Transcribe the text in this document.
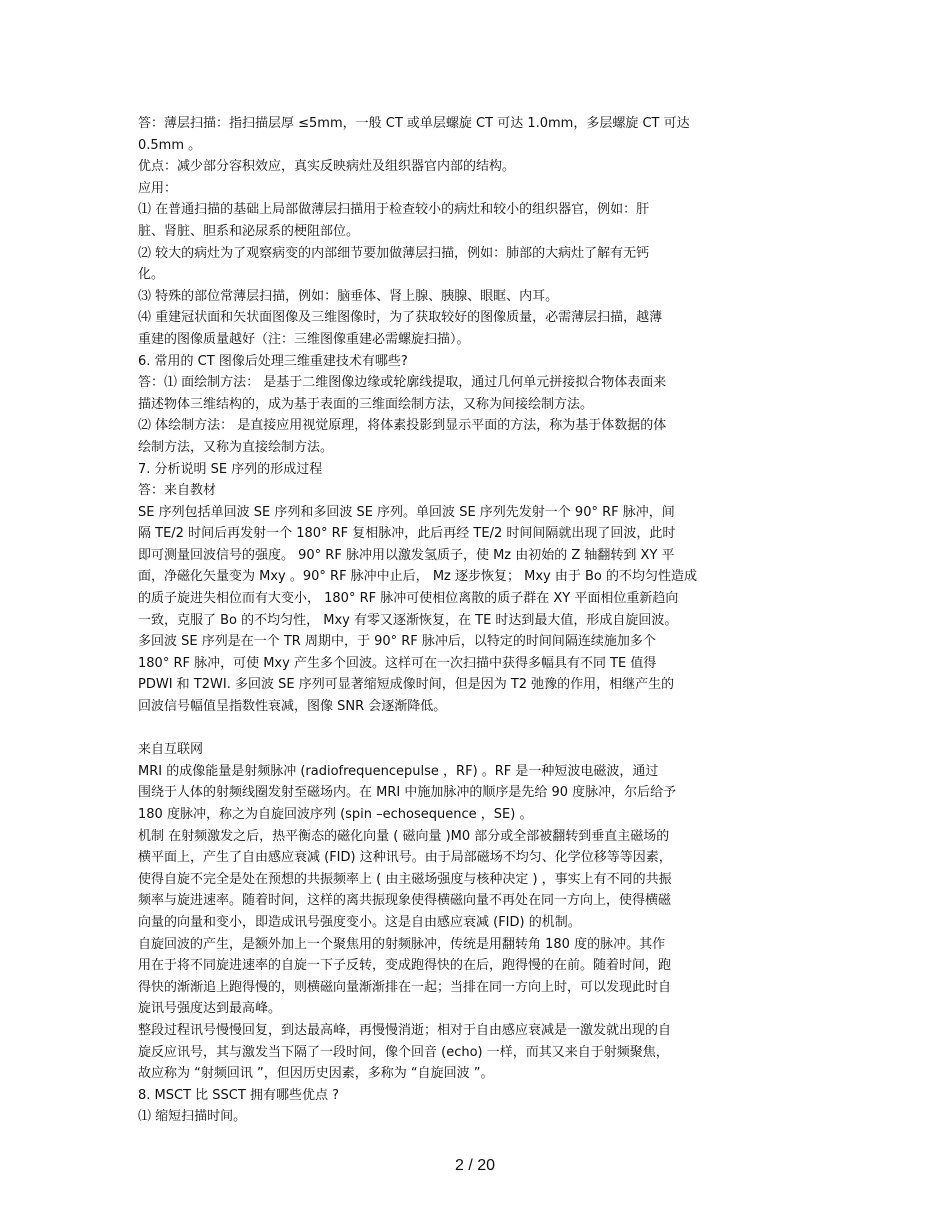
答：薄层扫描：指扫描层厚 ≤5mm，一般 CT 或单层螺旋 CT 可达 1.0mm，多层螺旋 CT 可达
0.5mm 。
优点：减少部分容积效应，真实反映病灶及组织器官内部的结构。
应用：
⑴ 在普通扫描的基础上局部做薄层扫描用于检查较小的病灶和较小的组织器官，例如：肝
脏、肾脏、胆系和泌尿系的梗阻部位。
⑵ 较大的病灶为了观察病变的内部细节要加做薄层扫描，例如：肺部的大病灶了解有无钙
化。
⑶ 特殊的部位常薄层扫描，例如：脑垂体、肾上腺、胰腺、眼眶、内耳。
⑷ 重建冠状面和矢状面图像及三维图像时，为了获取较好的图像质量，必需薄层扫描，越薄
重建的图像质量越好（注：三维图像重建必需螺旋扫描）。
6. 常用的 CT 图像后处理三维重建技术有哪些?
答：⑴ 面绘制方法： 是基于二维图像边缘或轮廓线提取，通过几何单元拼接拟合物体表面来
描述物体三维结构的，成为基于表面的三维面绘制方法，又称为间接绘制方法。
⑵ 体绘制方法： 是直接应用视觉原理，将体素投影到显示平面的方法，称为基于体数据的体
绘制方法，又称为直接绘制方法。
7. 分析说明 SE 序列的形成过程
答：来自教材
SE 序列包括单回波 SE 序列和多回波 SE 序列。单回波 SE 序列先发射一个 90° RF 脉冲，间
隔 TE/2 时间后再发射一个 180° RF 复相脉冲，此后再经 TE/2 时间间隔就出现了回波，此时
即可测量回波信号的强度。 90° RF 脉冲用以激发氢质子，使 Mz 由初始的 Z 轴翻转到 XY 平
面，净磁化矢量变为 Mxy 。90° RF 脉冲中止后， Mz 逐步恢复； Mxy 由于 Bo 的不均匀性造成
的质子旋进失相位而有大变小， 180° RF 脉冲可使相位离散的质子群在 XY 平面相位重新趋向
一致，克服了 Bo 的不均匀性， Mxy 有零又逐渐恢复，在 TE 时达到最大值，形成自旋回波。
多回波 SE 序列是在一个 TR 周期中，于 90° RF 脉冲后，以特定的时间间隔连续施加多个
180° RF 脉冲，可使 Mxy 产生多个回波。这样可在一次扫描中获得多幅具有不同 TE 值得
PDWI 和 T2WI. 多回波 SE 序列可显著缩短成像时间，但是因为 T2 弛豫的作用，相继产生的
回波信号幅值呈指数性衰减，图像 SNR 会逐渐降低。
来自互联网
MRI 的成像能量是射频脉冲 (radiofrequencepulse ，RF) 。RF 是一种短波电磁波，通过
围绕于人体的射频线圈发射至磁场内。在 MRI 中施加脉冲的顺序是先给 90 度脉冲，尔后给予
180 度脉冲，称之为自旋回波序列 (spin –echosequence ，SE) 。
机制 在射频激发之后，热平衡态的磁化向量 ( 磁向量 )M0 部分或全部被翻转到垂直主磁场的
横平面上，产生了自由感应衰减 (FID) 这种讯号。由于局部磁场不均匀、化学位移等等因素，
使得自旋不完全是处在预想的共振频率上 ( 由主磁场强度与核种决定 ) ，事实上有不同的共振
频率与旋进速率。随着时间，这样的离共振现象使得横磁向量不再处在同一方向上，使得横磁
向量的向量和变小，即造成讯号强度变小。这是自由感应衰减 (FID) 的机制。
自旋回波的产生，是额外加上一个聚焦用的射频脉冲，传统是用翻转角 180 度的脉冲。其作
用在于将不同旋进速率的自旋一下子反转，变成跑得快的在后，跑得慢的在前。随着时间，跑
得快的渐渐追上跑得慢的，则横磁向量渐渐排在一起；当排在同一方向上时，可以发现此时自
旋讯号强度达到最高峰。
整段过程讯号慢慢回复，到达最高峰，再慢慢消逝；相对于自由感应衰减是一激发就出现的自
旋反应讯号，其与激发当下隔了一段时间，像个回音 (echo) 一样，而其又来自于射频聚焦，
故应称为 “射频回讯 ”，但因历史因素，多称为 “自旋回波 ”。
8. MSCT 比 SSCT 拥有哪些优点 ?
⑴ 缩短扫描时间。
2 / 20
